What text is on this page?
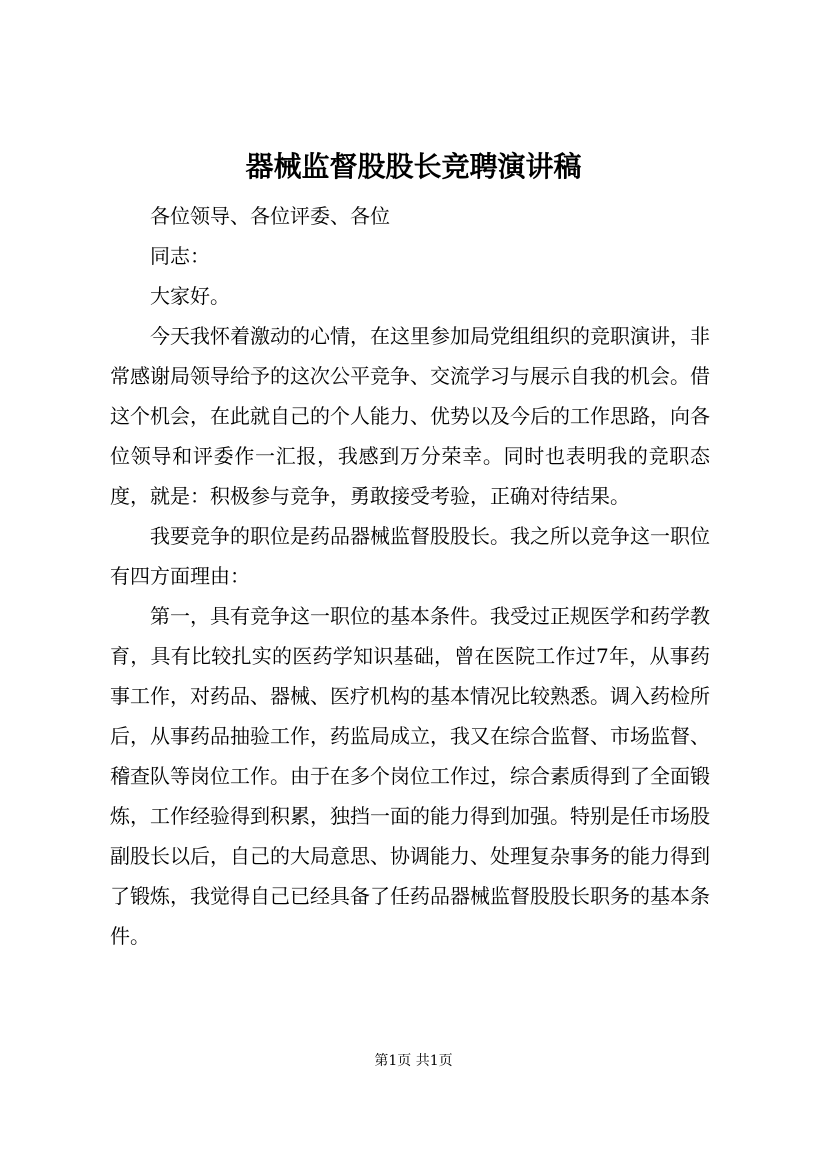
器械监督股股长竞聘演讲稿

各位领导、各位评委、各位

同志：

大家好。

今天我怀着激动的心情，在这里参加局党组组织的竞职演讲，非常感谢局领导给予的这次公平竞争、交流学习与展示自我的机会。借这个机会，在此就自己的个人能力、优势以及今后的工作思路，向各位领导和评委作一汇报，我感到万分荣幸。同时也表明我的竞职态度，就是：积极参与竞争，勇敢接受考验，正确对待结果。

我要竞争的职位是药品器械监督股股长。我之所以竞争这一职位有四方面理由：

第一，具有竞争这一职位的基本条件。我受过正规医学和药学教育，具有比较扎实的医药学知识基础，曾在医院工作过7年，从事药事工作，对药品、器械、医疗机构的基本情况比较熟悉。调入药检所后，从事药品抽验工作，药监局成立，我又在综合监督、市场监督、稽查队等岗位工作。由于在多个岗位工作过，综合素质得到了全面锻炼，工作经验得到积累，独挡一面的能力得到加强。特别是任市场股副股长以后，自己的大局意思、协调能力、处理复杂事务的能力得到了锻炼，我觉得自己已经具备了任药品器械监督股股长职务的基本条件。

第1页 共1页
